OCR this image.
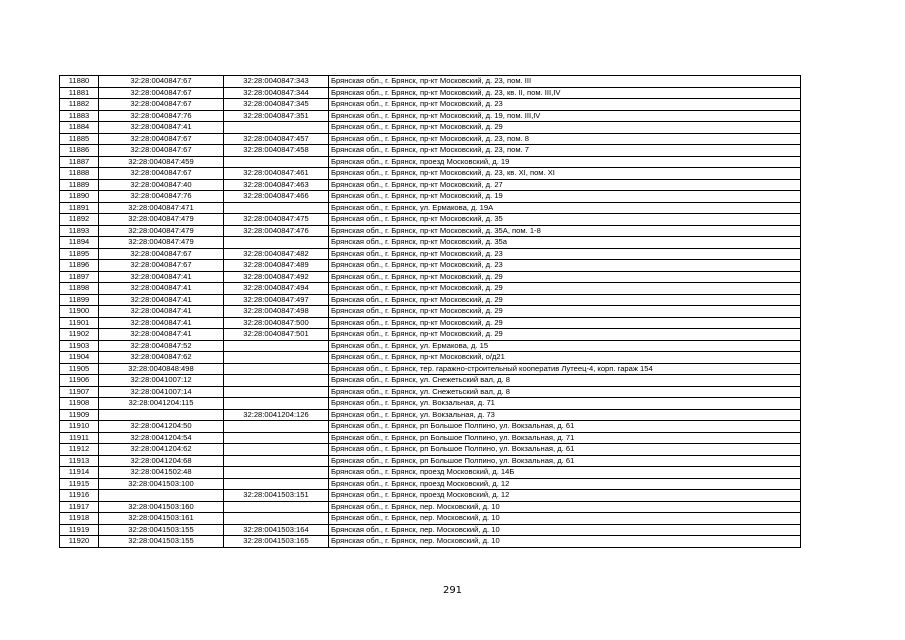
11880	32:28:0040847:67	32:28:0040847:343	Брянская обл., г. Брянск, пр-кт Московский, д. 23, пом. III
11881	32:28:0040847:67	32:28:0040847:344	Брянская обл., г. Брянск, пр-кт Московский, д. 23, кв. II, пом. III,IV
11882	32:28:0040847:67	32:28:0040847:345	Брянская обл., г. Брянск, пр-кт Московский, д. 23
11883	32:28:0040847:76	32:28:0040847:351	Брянская обл., г. Брянск, пр-кт Московский, д. 19, пом. III,IV
11884	32:28:0040847:41		Брянская обл., г. Брянск, пр-кт Московский, д. 29
11885	32:28:0040847:67	32:28:0040847:457	Брянская обл., г. Брянск, пр-кт Московский, д. 23, пом. 8
11886	32:28:0040847:67	32:28:0040847:458	Брянская обл., г. Брянск, пр-кт Московский, д. 23, пом. 7
11887	32:28:0040847:459		Брянская обл., г. Брянск, проезд Московский, д. 19
11888	32:28:0040847:67	32:28:0040847:461	Брянская обл., г. Брянск, пр-кт Московский, д. 23, кв. XI, пом. XI
11889	32:28:0040847:40	32:28:0040847:463	Брянская обл., г. Брянск, пр-кт Московский, д. 27
11890	32:28:0040847:76	32:28:0040847:466	Брянская обл., г. Брянск, пр-кт Московский, д. 19
11891	32:28:0040847:471		Брянская обл., г. Брянск, ул. Ермакова, д. 19А
11892	32:28:0040847:479	32:28:0040847:475	Брянская обл., г. Брянск, пр-кт Московский, д. 35
11893	32:28:0040847:479	32:28:0040847:476	Брянская обл., г. Брянск, пр-кт Московский, д. 35А, пом. 1-8
11894	32:28:0040847:479		Брянская обл., г. Брянск, пр-кт Московский, д. 35а
11895	32:28:0040847:67	32:28:0040847:482	Брянская обл., г. Брянск, пр-кт Московский, д. 23
11896	32:28:0040847:67	32:28:0040847:489	Брянская обл., г. Брянск, пр-кт Московский, д. 23
11897	32:28:0040847:41	32:28:0040847:492	Брянская обл., г. Брянск, пр-кт Московский, д. 29
11898	32:28:0040847:41	32:28:0040847:494	Брянская обл., г. Брянск, пр-кт Московский, д. 29
11899	32:28:0040847:41	32:28:0040847:497	Брянская обл., г. Брянск, пр-кт Московский, д. 29
11900	32:28:0040847:41	32:28:0040847:498	Брянская обл., г. Брянск, пр-кт Московский, д. 29
11901	32:28:0040847:41	32:28:0040847:500	Брянская обл., г. Брянск, пр-кт Московский, д. 29
11902	32:28:0040847:41	32:28:0040847:501	Брянская обл., г. Брянск, пр-кт Московский, д. 29
11903	32:28:0040847:52		Брянская обл., г. Брянск, ул. Ермакова, д. 15
11904	32:28:0040847:62		Брянская обл., г. Брянск, пр-кт Московский, о/д21
11905	32:28:0040848:498		Брянская обл., г. Брянск, тер. гаражно-строительный кооператив Лутеец-4, корп. гараж 154
11906	32:28:0041007:12		Брянская обл., г. Брянск, ул. Снежетьский вал, д. 8
11907	32:28:0041007:14		Брянская обл., г. Брянск, ул. Снежетьский вал, д. 8
11908	32:28:0041204:115		Брянская обл., г. Брянск, ул. Вокзальная, д. 71
11909		32:28:0041204:126	Брянская обл., г. Брянск, ул. Вокзальная, д. 73
11910	32:28:0041204:50		Брянская обл., г. Брянск, рп Большое Полпино, ул. Вокзальная, д. 61
11911	32:28:0041204:54		Брянская обл., г. Брянск, рп Большое Полпино, ул. Вокзальная, д. 71
11912	32:28:0041204:62		Брянская обл., г. Брянск, рп Большое Полпино, ул. Вокзальная, д. 61
11913	32:28:0041204:68		Брянская обл., г. Брянск, рп Большое Полпино, ул. Вокзальная, д. 61
11914	32:28:0041502:48		Брянская обл., г. Брянск, проезд Московский, д. 14Б
11915	32:28:0041503:100		Брянская обл., г. Брянск, проезд Московский, д. 12
11916		32:28:0041503:151	Брянская обл., г. Брянск, проезд Московский, д. 12
11917	32:28:0041503:160		Брянская обл., г. Брянск, пер. Московский, д. 10
11918	32:28:0041503:161		Брянская обл., г. Брянск, пер. Московский, д. 10
11919	32:28:0041503:155	32:28:0041503:164	Брянская обл., г. Брянск, пер. Московский, д. 10
11920	32:28:0041503:155	32:28:0041503:165	Брянская обл., г. Брянск, пер. Московский, д. 10
291
